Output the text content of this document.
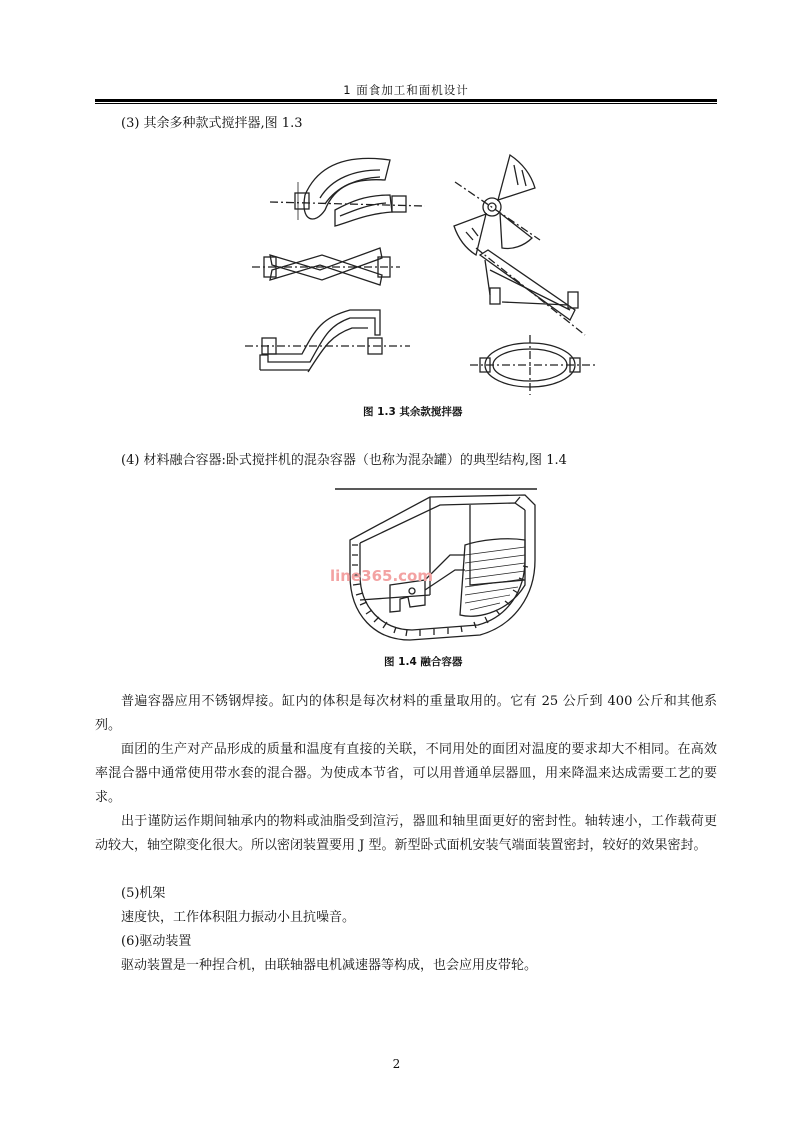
1 面食加工和面机设计
(3) 其余多种款式搅拌器,图 1.3
图 1.3 其余款搅拌器
(4) 材料融合容器:卧式搅拌机的混杂容器（也称为混杂罐）的典型结构,图 1.4
line365.com
图 1.4 融合容器

普遍容器应用不锈钢焊接。缸内的体积是每次材料的重量取用的。它有 25 公斤到 400 公斤和其他系列。

面团的生产对产品形成的质量和温度有直接的关联，不同用处的面团对温度的要求却大不相同。在高效率混合器中通常使用带水套的混合器。为使成本节省，可以用普通单层器皿，用来降温来达成需要工艺的要求。

出于谨防运作期间轴承内的物料或油脂受到渲污，器皿和轴里面更好的密封性。轴转速小，工作载荷更动较大，轴空隙变化很大。所以密闭装置要用 J 型。新型卧式面机安装气端面装置密封，较好的效果密封。

(5)机架
速度快，工作体积阻力振动小且抗噪音。
(6)驱动装置
驱动装置是一种捏合机，由联轴器电机减速器等构成，也会应用皮带轮。
2
